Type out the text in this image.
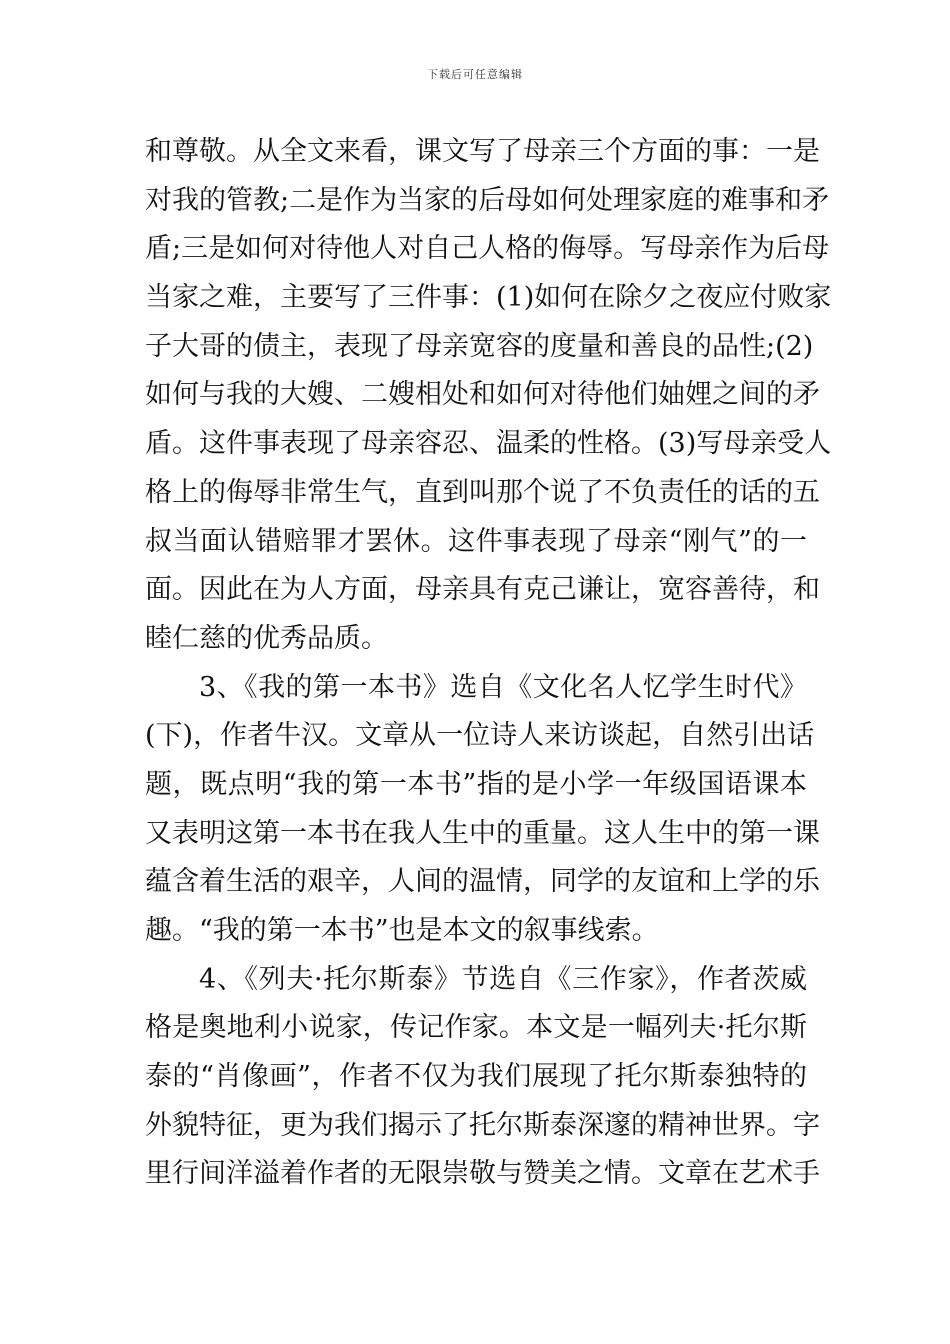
下载后可任意编辑
和尊敬。从全文来看，课文写了母亲三个方面的事：一是
对我的管教;二是作为当家的后母如何处理家庭的难事和矛
盾;三是如何对待他人对自己人格的侮辱。写母亲作为后母
当家之难，主要写了三件事：(1)如何在除夕之夜应付败家
子大哥的债主，表现了母亲宽容的度量和善良的品性;(2)
如何与我的大嫂、二嫂相处和如何对待他们妯娌之间的矛
盾。这件事表现了母亲容忍、温柔的性格。(3)写母亲受人
格上的侮辱非常生气，直到叫那个说了不负责任的话的五
叔当面认错赔罪才罢休。这件事表现了母亲“刚气”的一
面。因此在为人方面，母亲具有克己谦让，宽容善待，和
睦仁慈的优秀品质。
3、《我的第一本书》选自《文化名人忆学生时代》
(下)，作者牛汉。文章从一位诗人来访谈起，自然引出话
题，既点明“我的第一本书”指的是小学一年级国语课本
又表明这第一本书在我人生中的重量。这人生中的第一课
蕴含着生活的艰辛，人间的温情，同学的友谊和上学的乐
趣。“我的第一本书”也是本文的叙事线索。
4、《列夫·托尔斯泰》节选自《三作家》，作者茨威
格是奥地利小说家，传记作家。本文是一幅列夫·托尔斯
泰的“肖像画”，作者不仅为我们展现了托尔斯泰独特的
外貌特征，更为我们揭示了托尔斯泰深邃的精神世界。字
里行间洋溢着作者的无限崇敬与赞美之情。文章在艺术手
